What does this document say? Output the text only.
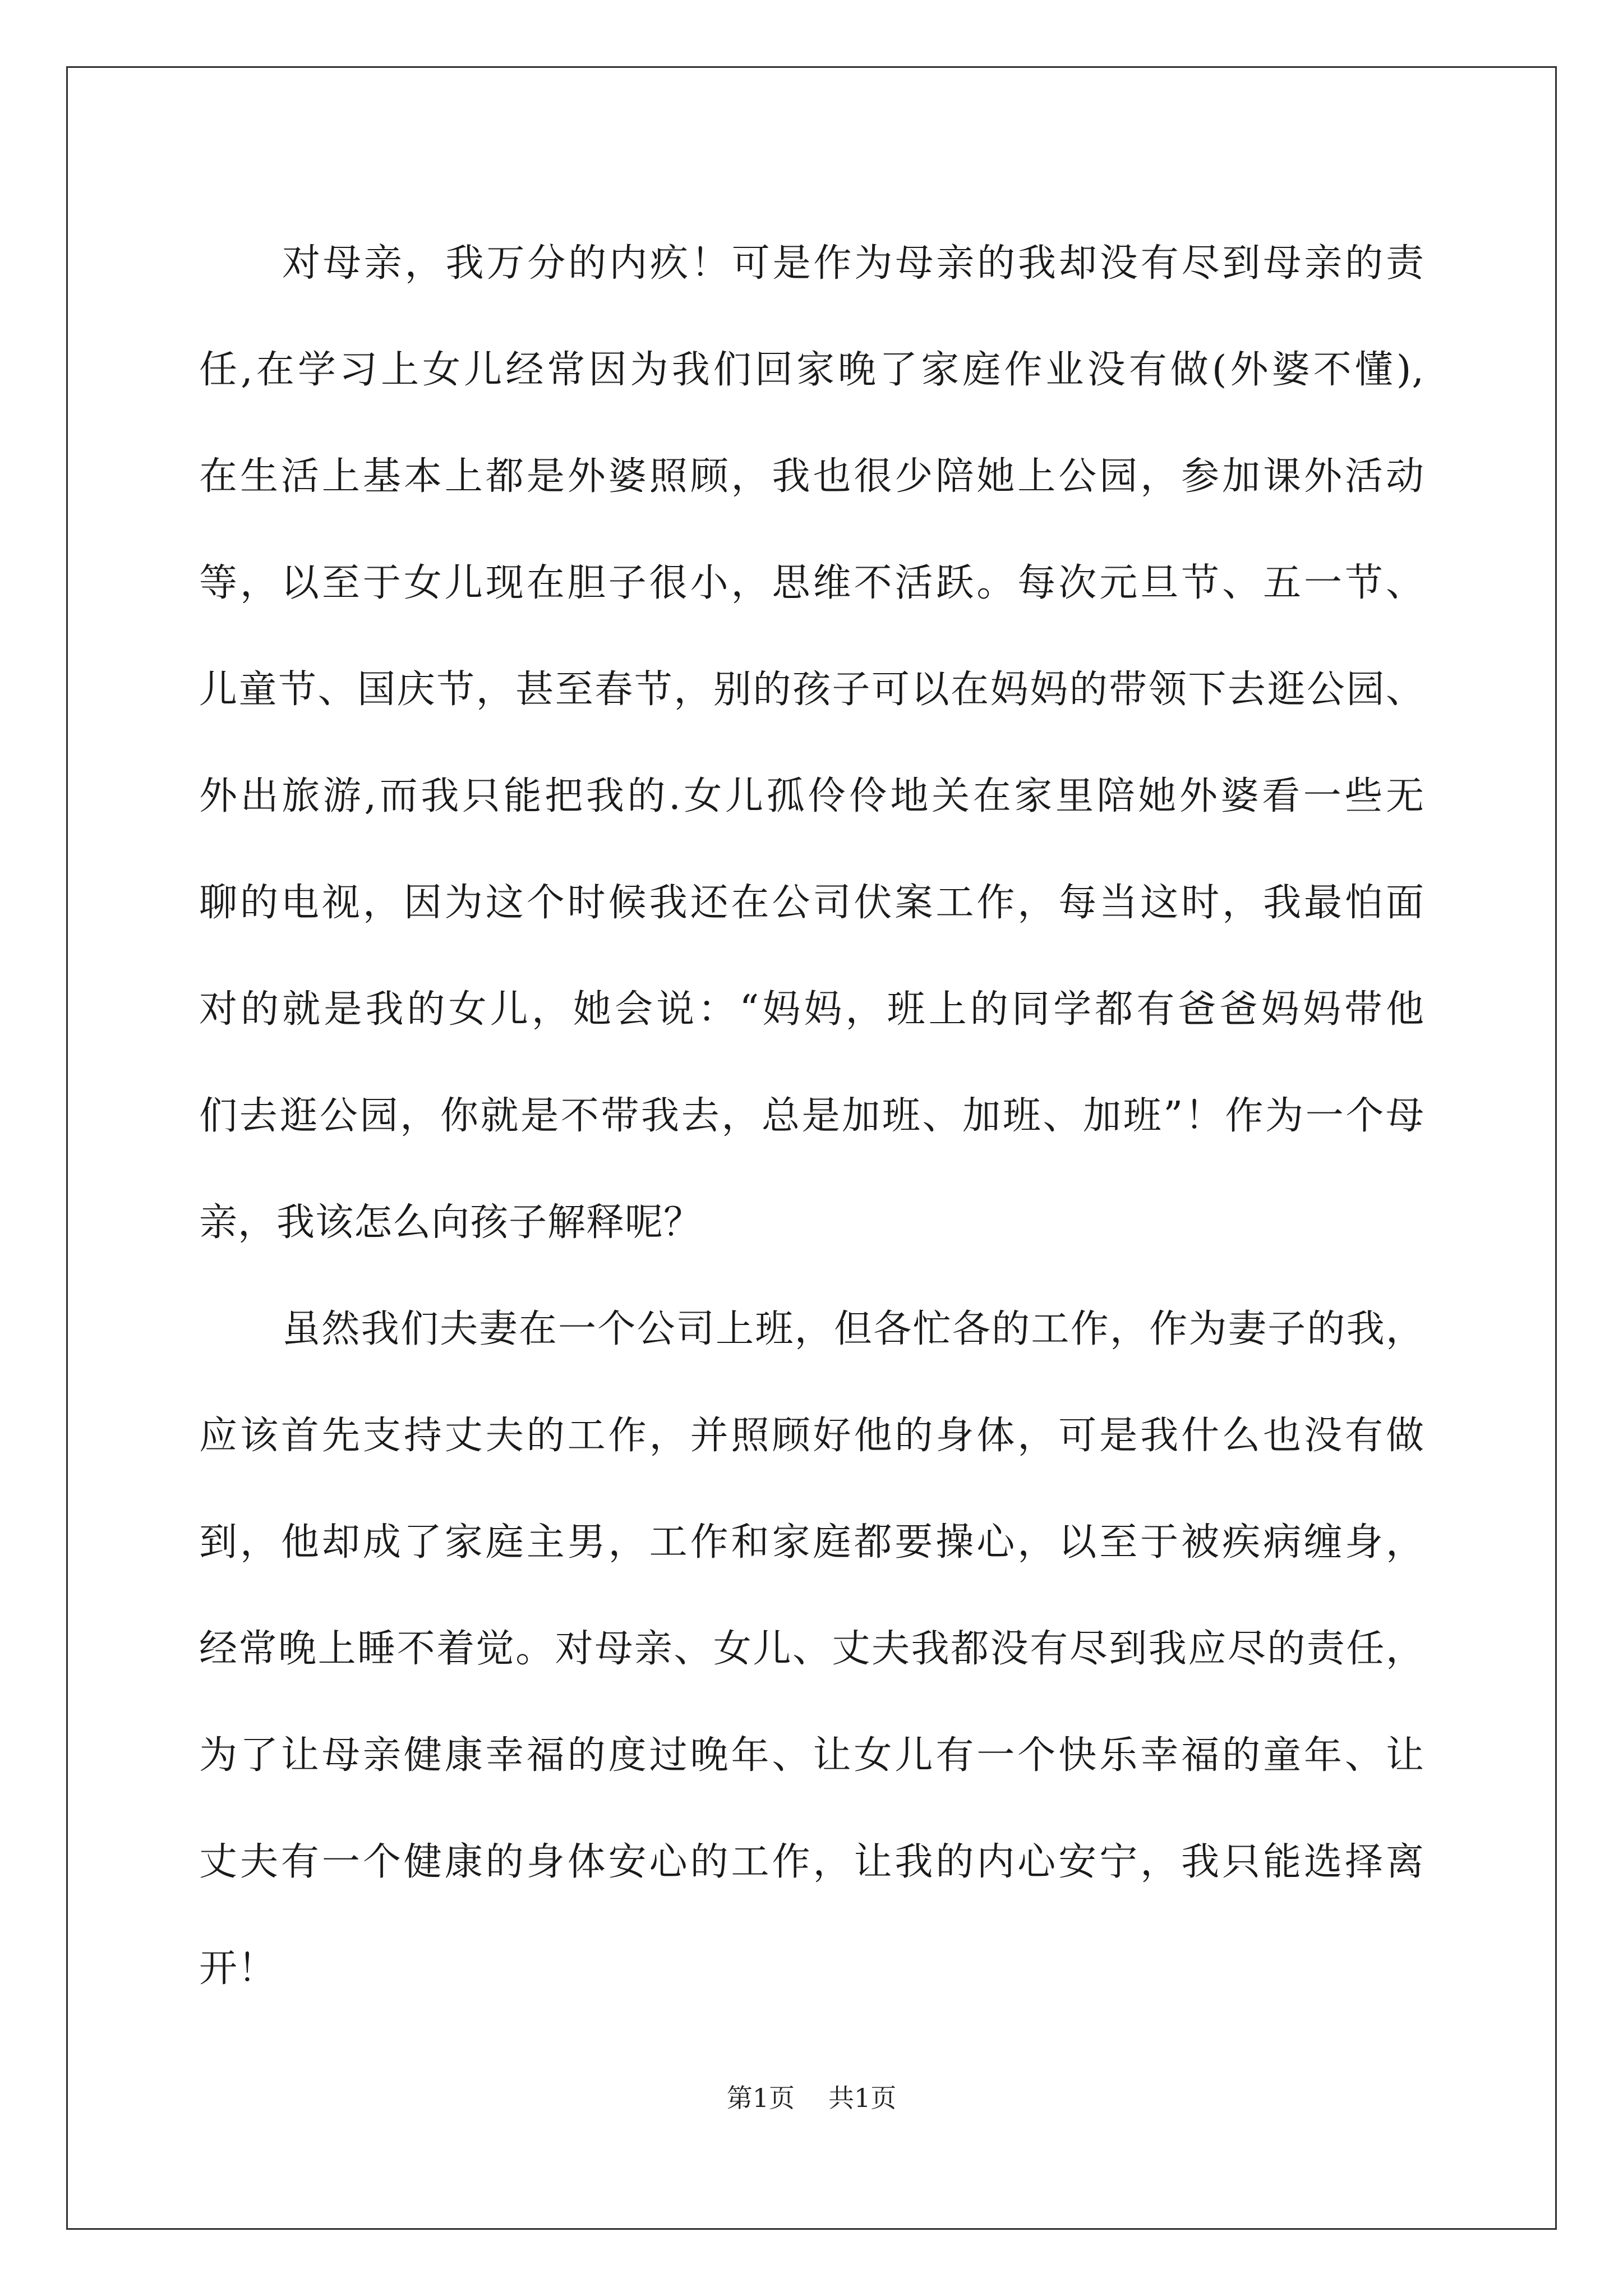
对母亲，我万分的内疚！可是作为母亲的我却没有尽到母亲的责
任,在学习上女儿经常因为我们回家晚了家庭作业没有做(外婆不懂),
在生活上基本上都是外婆照顾，我也很少陪她上公园，参加课外活动
等，以至于女儿现在胆子很小，思维不活跃。每次元旦节、五一节、
儿童节、国庆节，甚至春节，别的孩子可以在妈妈的带领下去逛公园、
外出旅游,而我只能把我的.女儿孤伶伶地关在家里陪她外婆看一些无
聊的电视，因为这个时候我还在公司伏案工作，每当这时，我最怕面
对的就是我的女儿，她会说：“妈妈，班上的同学都有爸爸妈妈带他
们去逛公园，你就是不带我去，总是加班、加班、加班”！作为一个母
亲，我该怎么向孩子解释呢？
虽然我们夫妻在一个公司上班，但各忙各的工作，作为妻子的我，
应该首先支持丈夫的工作，并照顾好他的身体，可是我什么也没有做
到，他却成了家庭主男，工作和家庭都要操心，以至于被疾病缠身，
经常晚上睡不着觉。对母亲、女儿、丈夫我都没有尽到我应尽的责任，
为了让母亲健康幸福的度过晚年、让女儿有一个快乐幸福的童年、让
丈夫有一个健康的身体安心的工作，让我的内心安宁，我只能选择离
开！
第1页 共1页
